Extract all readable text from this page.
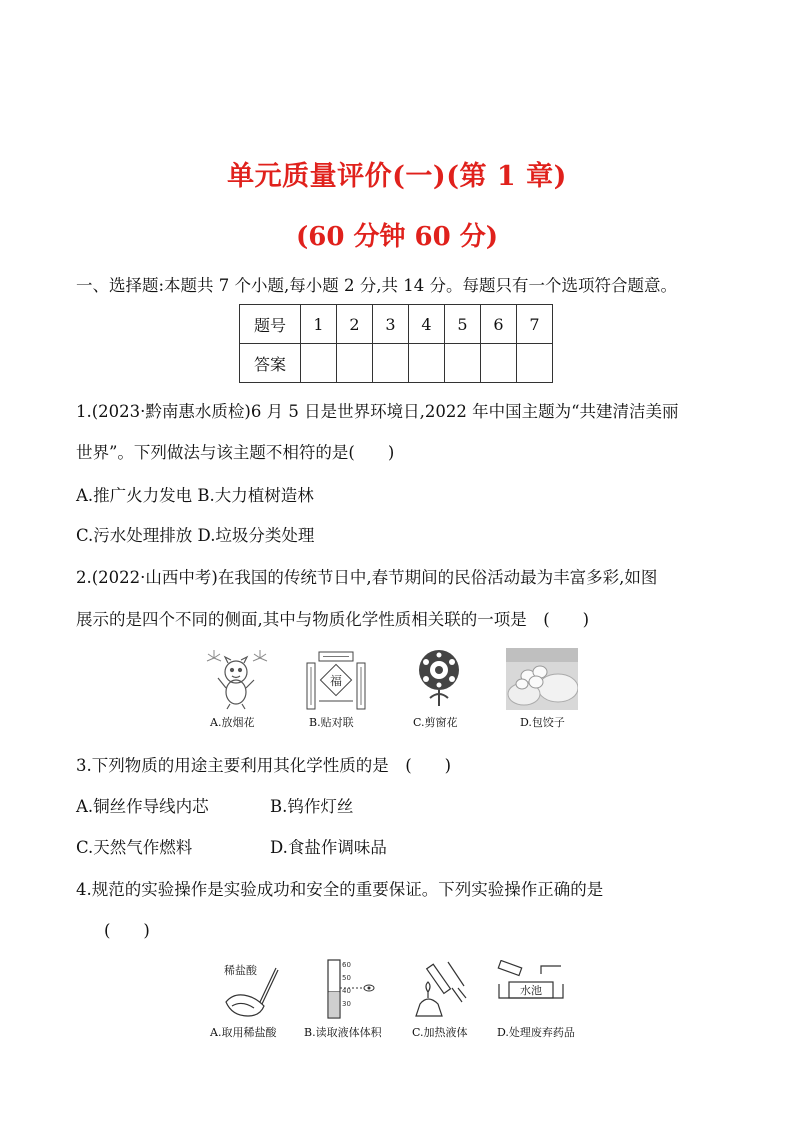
单元质量评价(一)(第 1 章)
(60 分钟 60 分)
一、选择题:本题共 7 个小题,每小题 2 分,共 14 分。每题只有一个选项符合题意。
题号	1	2	3	4	5	6	7
答案							
1.(2023·黔南惠水质检)6 月 5 日是世界环境日,2022 年中国主题为“共建清洁美丽
世界”。下列做法与该主题不相符的是(　　)
A.推广火力发电 B.大力植树造林
C.污水处理排放 D.垃圾分类处理
2.(2022·山西中考)在我国的传统节日中,春节期间的民俗活动最为丰富多彩,如图
展示的是四个不同的侧面,其中与物质化学性质相关联的一项是　(　　)
A.放烟花
福
B.贴对联	C.剪窗花	D.包饺子
3.下列物质的用途主要利用其化学性质的是　(　　)
A.铜丝作导线内芯	B.钨作灯丝
C.天然气作燃料	D.食盐作调味品
4.规范的实验操作是实验成功和安全的重要保证。下列实验操作正确的是
(　　)
稀盐酸
A.取用稀盐酸
60
50
40
30
B.读取液体体积	C.加热液体
水池
D.处理废弃药品
